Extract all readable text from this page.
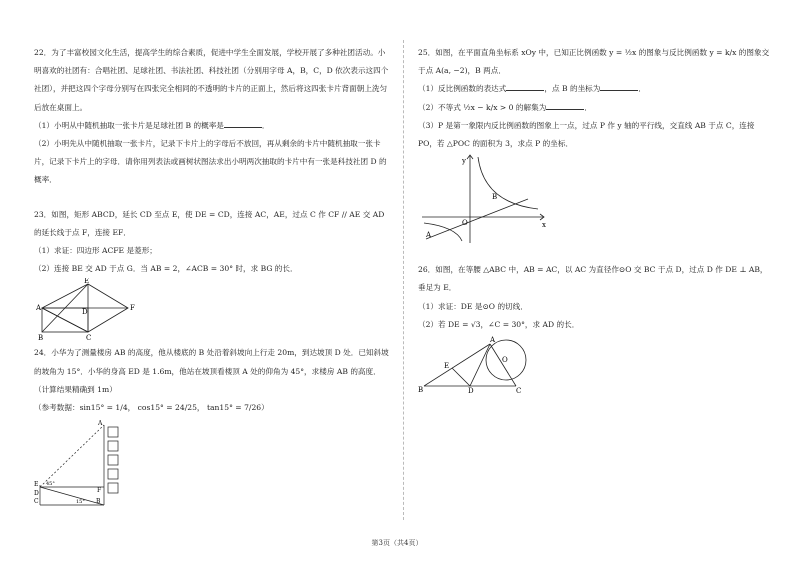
22．为了丰富校园文化生活，提高学生的综合素质，促进中学生全面发展，学校开展了多种社团活动。小明喜欢的社团有：合唱社团、足球社团、书法社团、科技社团（分别用字母 A，B，C，D 依次表示这四个社团），并把这四个字母分别写在四张完全相同的不透明的卡片的正面上，然后将这四张卡片背面朝上洗匀后放在桌面上。

（1）小明从中随机抽取一张卡片是足球社团 B 的概率是	．

（2）小明先从中随机抽取一张卡片，记录下卡片上的字母后不放回，再从剩余的卡片中随机抽取一张卡片，记录下卡片上的字母．请你用列表法或画树状图法求出小明两次抽取的卡片中有一张是科技社团 D 的概率．

23．如图，矩形 ABCD，延长 CD 至点 E，使 DE = CD，连接 AC，AE，过点 C 作 CF // AE 交 AD 的延长线于点 F，连接 EF．

（1）求证：四边形 ACFE 是菱形；

（2）连接 BE 交 AD 于点 G．当 AB = 2，∠ACB = 30° 时，求 BG 的长．

E
A	D	F
B	C

24．小华为了测量楼房 AB 的高度，他从楼底的 B 处沿着斜坡向上行走 20m，到达坡顶 D 处．已知斜坡的坡角为 15°．小华的身高 ED 是 1.6m，他站在坡顶看楼顶 A 处的仰角为 45°，求楼房 AB 的高度．（计算结果精确到 1m）

（参考数据：sin15° = 1/4， cos15° = 24/25， tan15° = 7/26）

E 45°
D
C	B
15°
F
A

25．如图，在平面直角坐标系 xOy 中，已知正比例函数 y = ½x 的图象与反比例函数 y = k/x 的图象交于点 A(a, −2)，B 两点．

（1）反比例函数的表达式	，点 B 的坐标为	．

（2）不等式 ½x − k/x > 0 的解集为	．

（3）P 是第一象限内反比例函数的图象上一点，过点 P 作 y 轴的平行线，交直线 AB 于点 C，连接 PO，若 △POC 的面积为 3，求点 P 的坐标．

y
B
O	x
A

26．如图，在等腰 △ABC 中，AB = AC，以 AC 为直径作⊙O 交 BC 于点 D，过点 D 作 DE ⊥ AB，垂足为 E．

（1）求证：DE 是⊙O 的切线．

（2）若 DE = √3，∠C = 30°，求 AD 的长．

A
E
O
B	D	C
第3页（共4页）
